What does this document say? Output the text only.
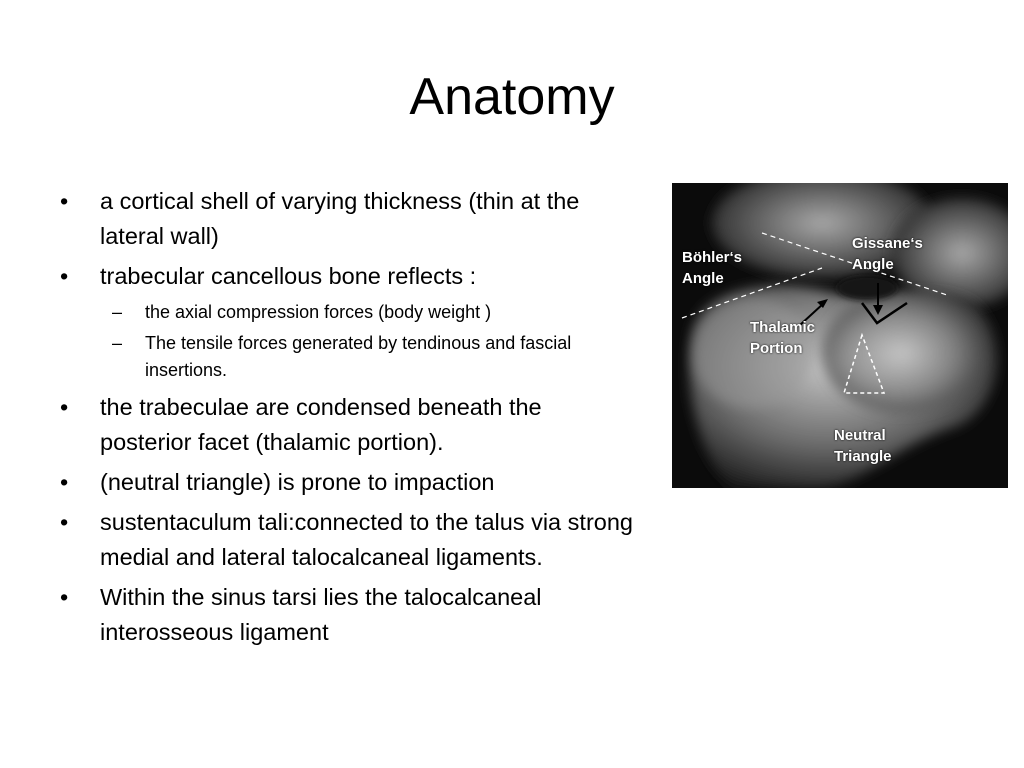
Anatomy
• a cortical shell of varying thickness (thin at the
lateral wall)
• trabecular cancellous bone reflects :
– the axial compression forces (body weight )
– The tensile forces generated by tendinous and fascial
insertions.
• the trabeculae are condensed beneath the
posterior facet (thalamic portion).
• (neutral triangle) is prone to impaction
• sustentaculum tali:connected to the talus via strong
medial and lateral talocalcaneal ligaments.
• Within the sinus tarsi lies the talocalcaneal
interosseous ligament
Böhler‘s
Angle
Gissane‘s
Angle
Thalamic
Portion
Neutral
Triangle
